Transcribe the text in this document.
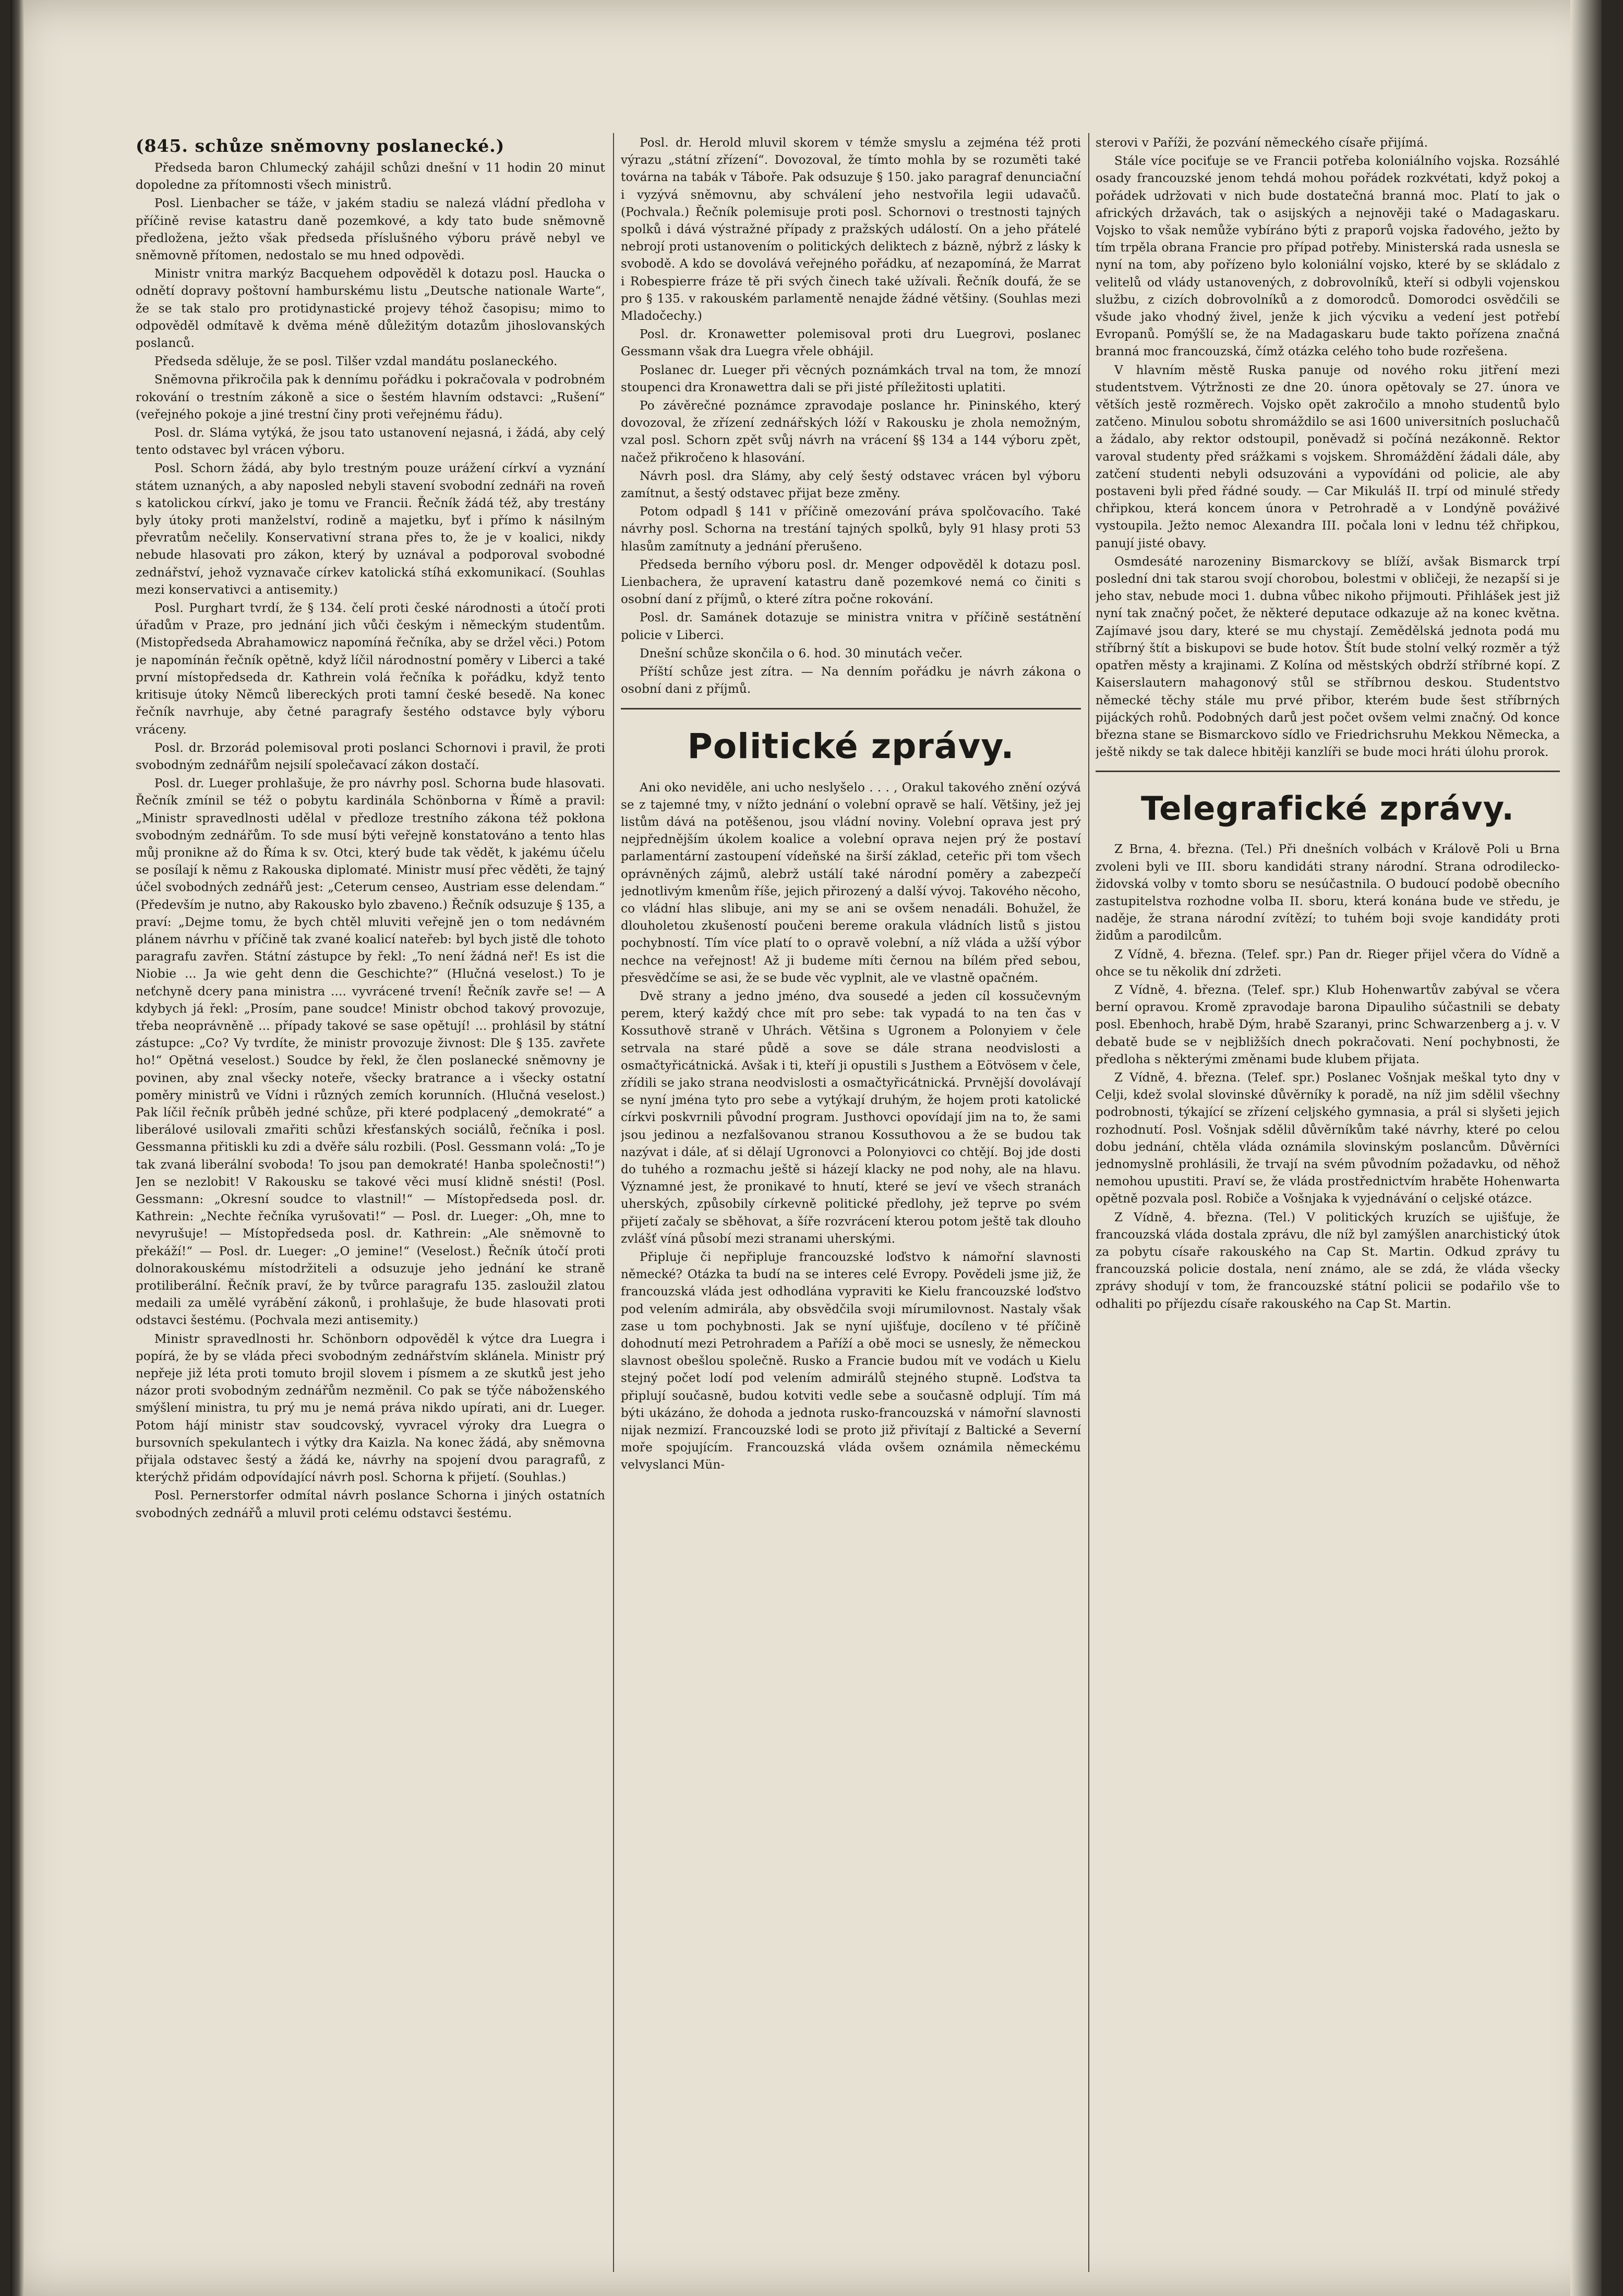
(845. schůze sněmovny poslanecké.)

Předseda baron Chlumecký zahájil schůzi dnešní v 11 hodin 20 minut dopoledne za přítomnosti všech ministrů.

Posl. Lienbacher se táže, v jakém stadiu se nalezá vládní předloha v příčině revise katastru daně pozemkové, a kdy tato bude sněmovně předložena, ježto však předseda příslušného výboru právě nebyl ve sněmovně přítomen, nedostalo se mu hned odpovědi.

Ministr vnitra markýz Bacquehem odpověděl k dotazu posl. Haucka o odnětí dopravy poštovní hamburskému listu „Deutsche nationale Warte“, že se tak stalo pro protidynastické projevy téhož časopisu; mimo to odpověděl odmítavě k dvěma méně důležitým dotazům jihoslovanských poslanců.

Předseda sděluje, že se posl. Tilšer vzdal mandátu poslaneckého.

Sněmovna přikročila pak k dennímu pořádku i pokračovala v podrobném rokování o trestním zákoně a sice o šestém hlavním odstavci: „Rušení“ (veřejného pokoje a jiné trestní činy proti veřejnému řádu).

Posl. dr. Sláma vytýká, že jsou tato ustanovení nejasná, i žádá, aby celý tento odstavec byl vrácen výboru.

Posl. Schorn žádá, aby bylo trestným pouze urážení církví a vyznání státem uznaných, a aby naposled nebyli stavení svobodní zednáři na roveň s katolickou církví, jako je tomu ve Francii. Řečník žádá též, aby trestány byly útoky proti manželství, rodině a majetku, byť i přímo k násilným převratům nečelily. Konservativní strana přes to, že je v koalici, nikdy nebude hlasovati pro zákon, který by uznával a podporoval svobodné zednářství, jehož vyznavače církev katolická stíhá exkomunikací. (Souhlas mezi konservativci a antisemity.)

Posl. Purghart tvrdí, že § 134. čelí proti české národnosti a útočí proti úřadům v Praze, pro jednání jich vůči českým i německým studentům. (Mistopředseda Abrahamowicz napomíná řečníka, aby se držel věci.) Potom je napomínán řečník opětně, když líčil národnostní poměry v Liberci a také první místopředseda dr. Kathrein volá řečníka k pořádku, když tento kritisuje útoky Němců libereckých proti tamní české besedě. Na konec řečník navrhuje, aby četné paragrafy šestého odstavce byly výboru vráceny.

Posl. dr. Brzorád polemisoval proti poslanci Schornovi i pravil, že proti svobodným zednářům nejsilí společavací zákon dostačí.

Posl. dr. Lueger prohlašuje, že pro návrhy posl. Schorna bude hlasovati. Řečník zmínil se též o pobytu kardinála Schönborna v Římě a pravil: „Ministr spravedlnosti udělal v předloze trestního zákona též pokłona svobodným zednářům. To sde musí býti veřejně konstatováno a tento hlas můj pronikne až do Říma k sv. Otci, který bude tak vědět, k jakému účelu se posílají k němu z Rakouska diplomaté. Ministr musí přec věděti, že tajný účel svobodných zednářů jest: „Ceterum censeo, Austriam esse delendam.“ (Především je nutno, aby Rakousko bylo zbaveno.) Řečník odsuzuje § 135, a praví: „Dejme tomu, že bych chtěl mluviti veřejně jen o tom nedávném plánem návrhu v příčině tak zvané koalicí nateřeb: byl bych jistě dle tohoto paragrafu zavřen. Státní zástupce by řekl: „To není žádná neř! Es ist die Niobie ... Ja wie geht denn die Geschichte?“ (Hlučná veselost.) To je neťchyně dcery pana ministra .... vyvrácené trvení! Řečník zavře se! — A kdybych já řekl: „Prosím, pane soudce! Ministr obchod takový provozuje, třeba neoprávněně ... případy takové se sase opětují! ... prohlásil by státní zástupce: „Co? Vy tvrdíte, že ministr provozuje živnost: Dle § 135. zavřete ho!“ Opětná veselost.) Soudce by řekl, že člen poslanecké sněmovny je povinen, aby znal všecky noteře, všecky bratrance a i všecky ostatní poměry ministrů ve Vídni i různých zemích korunních. (Hlučná veselost.) Pak líčil řečník průběh jedné schůze, při které podplacený „demokraté“ a liberálové usilovali zmařiti schůzi křesťanských sociálů, řečníka i posl. Gessmanna přitiskli ku zdi a dvěře sálu rozbili. (Posl. Gessmann volá: „To je tak zvaná liberální svoboda! To jsou pan demokraté! Hanba společnosti!“) Jen se nezlobit! V Rakousku se takové věci musí klidně snésti! (Posl. Gessmann: „Okresní soudce to vlastnil!“ — Místopředseda posl. dr. Kathrein: „Nechte řečníka vyrušovati!“ — Posl. dr. Lueger: „Oh, mne to nevyrušuje! — Místopředseda posl. dr. Kathrein: „Ale sněmovně to překáží!“ — Posl. dr. Lueger: „O jemine!“ (Veselost.) Řečník útočí proti dolnorakouskému místodržiteli a odsuzuje jeho jednání ke straně protiliberální. Řečník praví, že by tvůrce paragrafu 135. zasloužil zlatou medaili za umělé vyrábění zákonů, i prohlašuje, že bude hlasovati proti odstavci šestému. (Pochvala mezi antisemity.)

Ministr spravedlnosti hr. Schönborn odpověděl k výtce dra Luegra i popírá, že by se vláda přeci svobodným zednářstvím sklánela. Ministr prý nepřeje již léta proti tomuto brojil slovem i písmem a ze skutků jest jeho názor proti svobodným zednářům nezměnil. Co pak se týče náboženského smýšlení ministra, tu prý mu je nemá práva nikdo upírati, ani dr. Lueger. Potom hájí ministr stav soudcovský, vyvracel výroky dra Luegra o bursovních spekulantech i výtky dra Kaizla. Na konec žádá, aby sněmovna přijala odstavec šestý a žádá ke, návrhy na spojení dvou paragrafů, z kterýchž přidám odpovídající návrh posl. Schorna k přijetí. (Souhlas.)

Posl. Pernerstorfer odmítal návrh poslance Schorna i jiných ostatních svobodných zednářů a mluvil proti celému odstavci šestému.

Posl. dr. Herold mluvil skorem v témže smyslu a zejména též proti výrazu „státní zřízení“. Dovozoval, že tímto mohla by se rozuměti také továrna na tabák v Táboře. Pak odsuzuje § 150. jako paragraf denunciační i vyzývá sněmovnu, aby schválení jeho nestvořila legii udavačů. (Pochvala.) Řečník polemisuje proti posl. Schornovi o trestnosti tajných spolků i dává výstražné případy z pražských událostí. On a jeho přátelé nebrojí proti ustanovením o politických deliktech z bázně, nýbrž z lásky k svobodě. A kdo se dovolává veřejného pořádku, ať nezapomíná, že Marrat i Robespierre fráze tě při svých činech také užívali. Řečník doufá, že se pro § 135. v rakouském parlamentě nenajde žádné většiny. (Souhlas mezi Mladočechy.)

Posl. dr. Kronawetter polemisoval proti dru Luegrovi, poslanec Gessmann však dra Luegra vřele obhájil.

Poslanec dr. Lueger při věcných poznámkách trval na tom, že mnozí stoupenci dra Kronawettra dali se při jisté příležitosti uplatiti.

Po závěrečné poznámce zpravodaje poslance hr. Pininského, který dovozoval, že zřízení zednářských lóží v Rakousku je zhola nemožným, vzal posl. Schorn zpět svůj návrh na vrácení §§ 134 a 144 výboru zpět, načež přikročeno k hlasování.

Návrh posl. dra Slámy, aby celý šestý odstavec vrácen byl výboru zamítnut, a šestý odstavec přijat beze změny.

Potom odpadl § 141 v příčině omezování práva spolčovacího. Také návrhy posl. Schorna na trestání tajných spolků, byly 91 hlasy proti 53 hlasům zamítnuty a jednání přerušeno.

Předseda berního výboru posl. dr. Menger odpověděl k dotazu posl. Lienbachera, že upravení katastru daně pozemkové nemá co činiti s osobní daní z příjmů, o které zítra počne rokování.

Posl. dr. Samánek dotazuje se ministra vnitra v příčině sestátnění policie v Liberci.

Dnešní schůze skončila o 6. hod. 30 minutách večer.

Příští schůze jest zítra. — Na denním pořádku je návrh zákona o osobní dani z příjmů.

Politické zprávy.

Ani oko neviděle, ani ucho neslyšelo . . . , Orakul takového znění ozývá se z tajemné tmy, v nížto jednání o volební opravě se halí. Většiny, jež jej listům dává na potěšenou, jsou vládní noviny. Volební oprava jest prý nejpřednějším úkolem koalice a volební oprava nejen prý že postaví parlamentární zastoupení vídeňské na širší základ, ceteřic při tom všech oprávněných zájmů, alebrž ustálí také národní poměry a zabezpečí jednotlivým kmenům říše, jejich přirozený a další vývoj. Takového něcoho, co vládní hlas slibuje, ani my se ani se ovšem nenadáli. Bohužel, že dlouholetou zkušeností poučeni bereme orakula vládních listů s jistou pochybností. Tím více platí to o opravě volební, a níž vláda a užší výbor nechce na veřejnost! Až ji budeme míti černou na bílém před sebou, přesvědčíme se asi, že se bude věc vyplnit, ale ve vlastně opačném.

Dvě strany a jedno jméno, dva sousedé a jeden cíl kossučevným perem, který každý chce mít pro sebe: tak vypadá to na ten čas v Kossuthově straně v Uhrách. Většina s Ugronem a Polonyiem v čele setrvala na staré půdě a sove se dále strana neodvislosti a osmačtyřicátnická. Avšak i ti, kteří ji opustili s Justhem a Eötvösem v čele, zřídili se jako strana neodvislosti a osmačtyřicátnická. Prvnější dovolávají se nyní jména tyto pro sebe a vytýkají druhým, že hojem proti katolické církvi poskvrnili původní program. Justhovci opovídají jim na to, že sami jsou jedinou a nezfalšovanou stranou Kossuthovou a že se budou tak nazývat i dále, ať si dělají Ugronovci a Polonyiovci co chtějí. Boj jde dosti do tuhého a rozmachu ještě si házejí klacky ne pod nohy, ale na hlavu. Významné jest, že pronikavé to hnutí, které se jeví ve všech stranách uherských, způsobily církevně politické předlohy, jež teprve po svém přijetí začaly se sběhovat, a šíře rozvrácení kterou potom ještě tak dlouho zvlášť víná působí mezi stranami uherskými.

Připluje či nepřipluje francouzské loďstvo k námořní slavnosti německé? Otázka ta budí na se interes celé Evropy. Povědeli jsme již, že francouzská vláda jest odhodlána vypraviti ke Kielu francouzské loďstvo pod velením admirála, aby obsvědčila svoji mírumilovnost. Nastaly však zase u tom pochybnosti. Jak se nyní ujišťuje, docíleno v té příčině dohodnutí mezi Petrohradem a Paříží a obě moci se usnesly, že německou slavnost obešlou společně. Rusko a Francie budou mít ve vodách u Kielu stejný počet lodí pod velením admirálů stejného stupně. Loďstva ta připlují současně, budou kotviti vedle sebe a současně odplují. Tím má býti ukázáno, že dohoda a jednota rusko-francouzská v námořní slavnosti nijak nezmizí. Francouzské lodi se proto již přivítají z Baltické a Severní moře spojujícím. Francouzská vláda ovšem oznámila německému velvyslanci Mün-

sterovi v Paříži, že pozvání německého císaře přijímá.

Stále více pociťuje se ve Francii potřeba koloniálního vojska. Rozsáhlé osady francouzské jenom tehdá mohou pořádek rozkvétati, když pokoj a pořádek udržovati v nich bude dostatečná branná moc. Platí to jak o afrických državách, tak o asijských a nejnověji také o Madagaskaru. Vojsko to však nemůže vybíráno býti z praporů vojska řadového, ježto by tím trpěla obrana Francie pro případ potřeby. Ministerská rada usnesla se nyní na tom, aby pořízeno bylo koloniální vojsko, které by se skládalo z velitelů od vlády ustanovených, z dobrovolníků, kteří si odbyli vojenskou službu, z cizích dobrovolníků a z domorodců. Domorodci osvědčili se všude jako vhodný živel, jenže k jich výcviku a vedení jest potřebí Evropanů. Pomýšlí se, že na Madagaskaru bude takto pořízena značná branná moc francouzská, čímž otázka celého toho bude rozřešena.

V hlavním městě Ruska panuje od nového roku jitření mezi studentstvem. Výtržnosti ze dne 20. února opětovaly se 27. února ve větších jestě rozměrech. Vojsko opět zakročilo a mnoho studentů bylo zatčeno. Minulou sobotu shromáždilo se asi 1600 universitních posluchačů a žádalo, aby rektor odstoupil, poněvadž si počíná nezákonně. Rektor varoval studenty před srážkami s vojskem. Shromáždění žádali dále, aby zatčení studenti nebyli odsuzováni a vypovídáni od policie, ale aby postaveni byli před řádné soudy. — Car Mikuláš II. trpí od minulé středy chřipkou, která koncem února v Petrohradě a v Londýně pováživé vystoupila. Ježto nemoc Alexandra III. počala loni v lednu též chřipkou, panují jisté obavy.

Osmdesáté narozeniny Bismarckovy se blíží, avšak Bismarck trpí poslední dni tak starou svojí chorobou, bolestmi v obličeji, že nezapší si je jeho stav, nebude moci 1. dubna vůbec nikoho přijmouti. Přihlášek jest již nyní tak značný počet, že některé deputace odkazuje až na konec května. Zajímavé jsou dary, které se mu chystají. Zemědělská jednota podá mu stříbrný štít a biskupovi se bude hotov. Štít bude stolní velký rozměr a týž opatřen městy a krajinami. Z Kolína od městských obdrží stříbrné kopí. Z Kaiserslautern mahagonový stůl se stříbrnou deskou. Studentstvo německé těchy stále mu prvé přibor, kterém bude šest stříbrných pijáckých rohů. Podobných darů jest počet ovšem velmi značný. Od konce března stane se Bismarckovo sídlo ve Friedrichsruhu Mekkou Německa, a ještě nikdy se tak dalece hbitěji kanzlíři se bude moci hráti úlohu prorok.

Telegrafické zprávy.

Z Brna, 4. března. (Tel.) Při dnešních volbách v Králově Poli u Brna zvoleni byli ve III. sboru kandidáti strany národní. Strana odrodilecko-židovská volby v tomto sboru se nesúčastnila. O budoucí podobě obecního zastupitelstva rozhodne volba II. sboru, která konána bude ve středu, je naděje, že strana národní zvítězí; to tuhém boji svoje kandidáty proti židům a parodilcům.

Z Vídně, 4. března. (Telef. spr.) Pan dr. Rieger přijel včera do Vídně a ohce se tu několik dní zdržeti.

Z Vídně, 4. března. (Telef. spr.) Klub Hohenwartův zabýval se včera berní opravou. Kromě zpravodaje barona Dipauliho súčastnili se debaty posl. Ebenhoch, hrabě Dým, hrabě Szaranyi, princ Schwarzenberg a j. v. V debatě bude se v nejbližších dnech pokračovati. Není pochybnosti, že předloha s některými změnami bude klubem přijata.

Z Vídně, 4. března. (Telef. spr.) Poslanec Vošnjak meškal tyto dny v Celji, kdež svolal slovinské důvěrníky k poradě, na níž jim sdělil všechny podrobnosti, týkající se zřízení celjského gymnasia, a prál si slyšeti jejich rozhodnutí. Posl. Vošnjak sdělil důvěrníkům také návrhy, které po celou dobu jednání, chtěla vláda oznámila slovinským poslancům. Důvěrníci jednomyslně prohlásili, že trvají na svém původním požadavku, od něhož nemohou upustiti. Praví se, že vláda prostřednictvím hraběte Hohenwarta opětně pozvala posl. Robiče a Vošnjaka k vyjednávání o celjské otázce.

Z Vídně, 4. března. (Tel.) V politických kruzích se ujišťuje, že francouzská vláda dostala zprávu, dle níž byl zamýšlen anarchistický útok za pobytu císaře rakouského na Cap St. Martin. Odkud zprávy tu francouzská policie dostala, není známo, ale se zdá, že vláda všecky zprávy shodují v tom, že francouzské státní policii se podařilo vše to odhaliti po příjezdu císaře rakouského na Cap St. Martin.
